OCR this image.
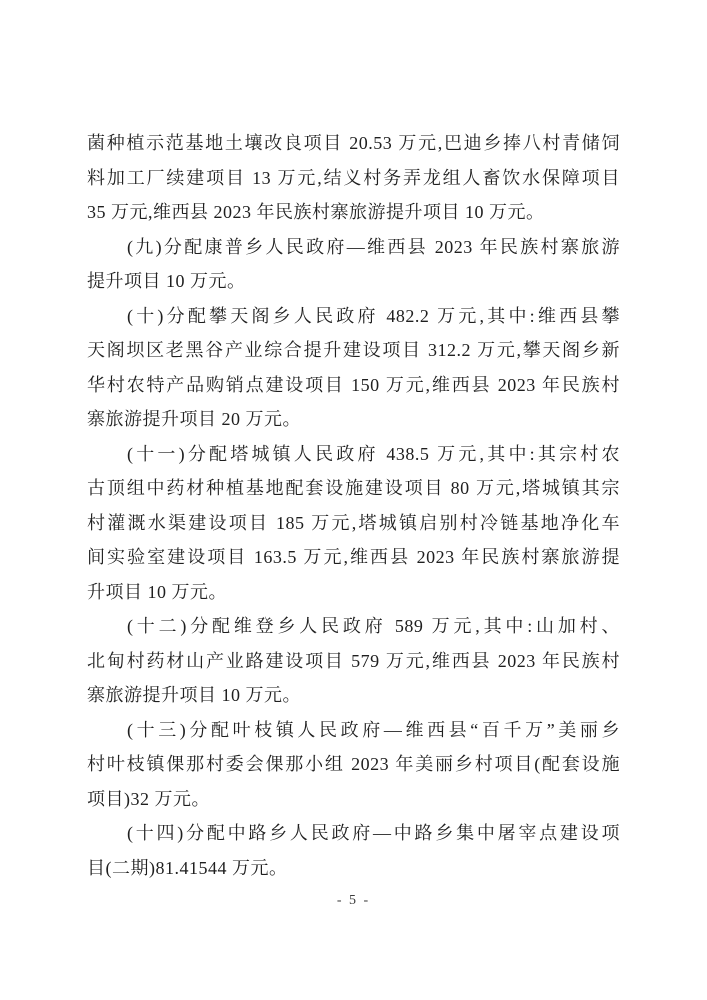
菌种植示范基地土壤改良项目 20.53 万元,巴迪乡捧八村青储饲
料加工厂续建项目 13 万元,结义村务弄龙组人畜饮水保障项目
35 万元,维西县 2023 年民族村寨旅游提升项目 10 万元。
(九)分配康普乡人民政府—维西县 2023 年民族村寨旅游
提升项目 10 万元。
(十)分配攀天阁乡人民政府 482.2 万元,其中:维西县攀
天阁坝区老黑谷产业综合提升建设项目 312.2 万元,攀天阁乡新
华村农特产品购销点建设项目 150 万元,维西县 2023 年民族村
寨旅游提升项目 20 万元。
(十一)分配塔城镇人民政府 438.5 万元,其中:其宗村农
古顶组中药材种植基地配套设施建设项目 80 万元,塔城镇其宗
村灌溉水渠建设项目 185 万元,塔城镇启别村冷链基地净化车
间实验室建设项目 163.5 万元,维西县 2023 年民族村寨旅游提
升项目 10 万元。
(十二)分配维登乡人民政府 589 万元,其中:山加村、
北甸村药材山产业路建设项目 579 万元,维西县 2023 年民族村
寨旅游提升项目 10 万元。
(十三)分配叶枝镇人民政府—维西县“百千万”美丽乡
村叶枝镇倮那村委会倮那小组 2023 年美丽乡村项目(配套设施
项目)32 万元。
(十四)分配中路乡人民政府—中路乡集中屠宰点建设项
目(二期)81.41544 万元。
- 5 -
